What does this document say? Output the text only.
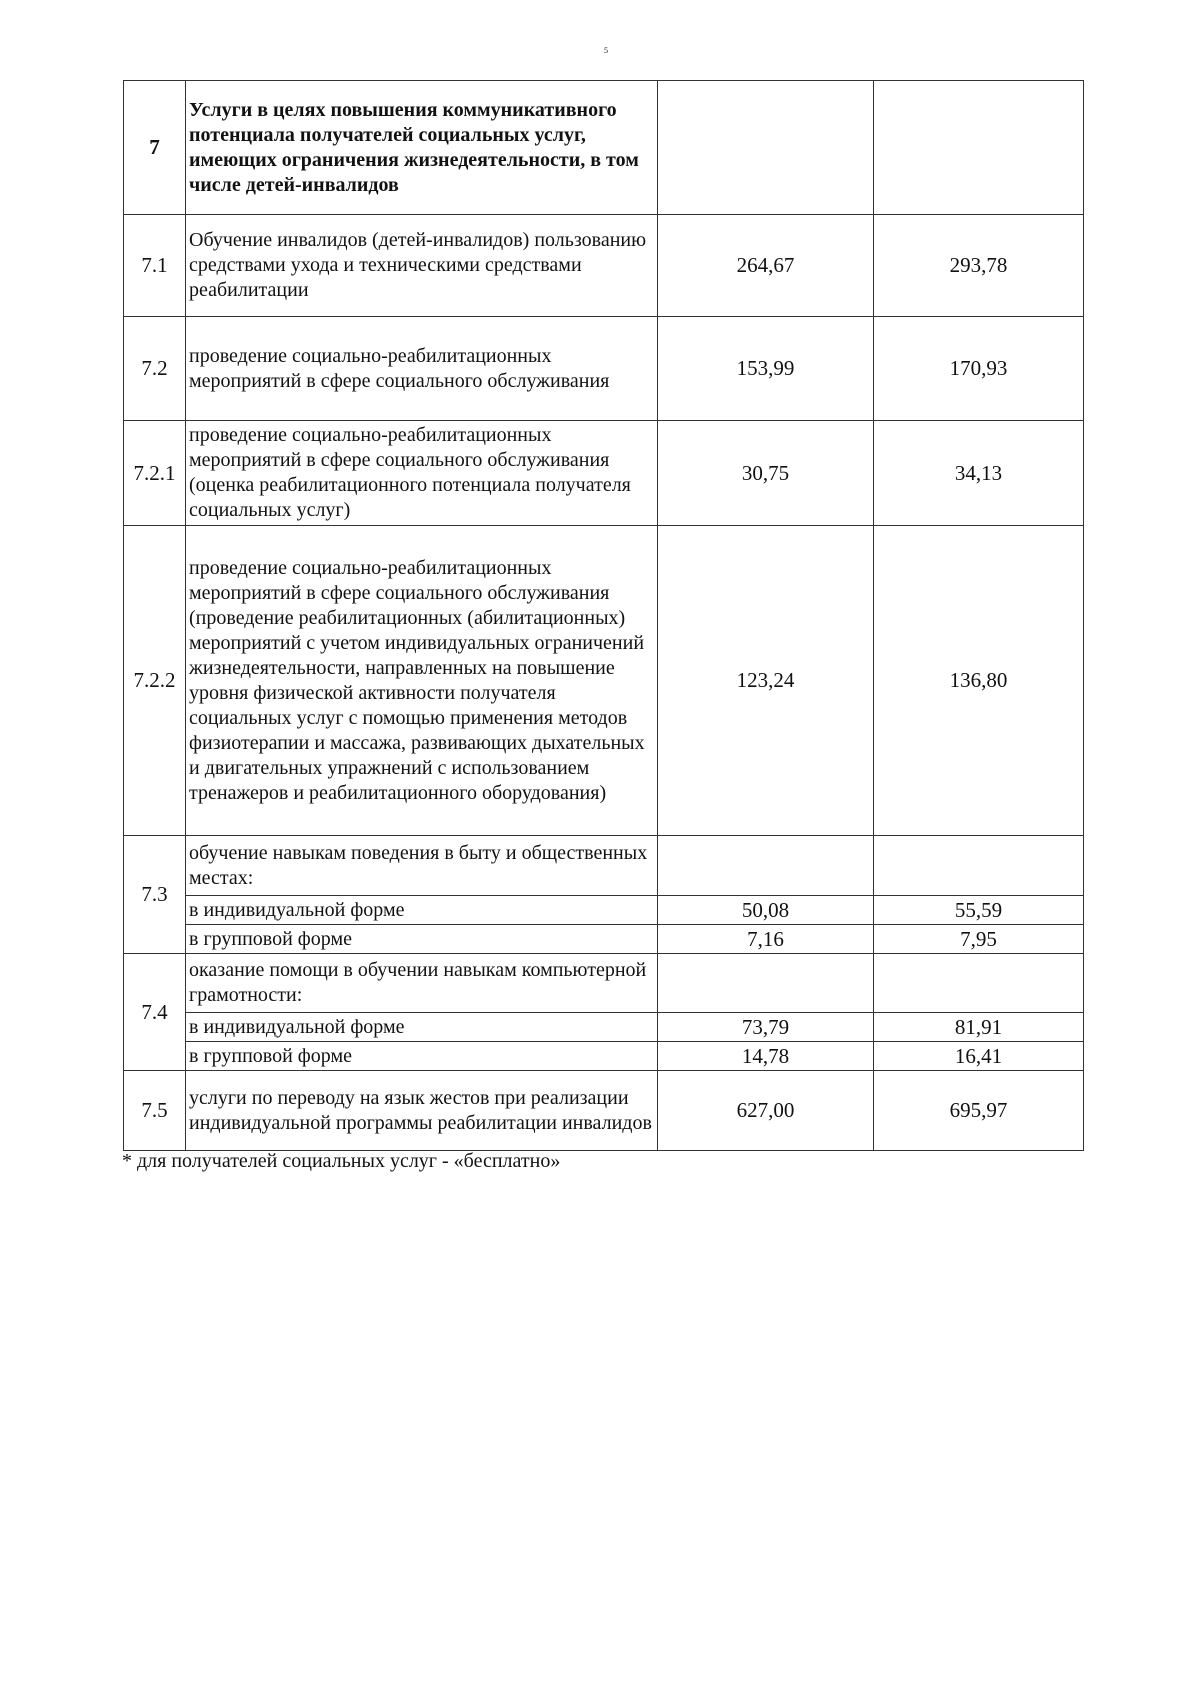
5
7	Услуги в целях повышения коммуникативного потенциала получателей социальных услуг, имеющих ограничения жизнедеятельности, в том числе детей-инвалидов		
7.1	Обучение инвалидов (детей-инвалидов) пользованию средствами ухода и техническими средствами реабилитации	264,67	293,78
7.2	проведение социально-реабилитационных мероприятий в сфере социального обслуживания	153,99	170,93
7.2.1	проведение социально-реабилитационных мероприятий в сфере социального обслуживания (оценка реабилитационного потенциала получателя социальных услуг)	30,75	34,13
7.2.2	проведение социально-реабилитационных мероприятий в сфере социального обслуживания (проведение реабилитационных (абилитационных) мероприятий с учетом индивидуальных ограничений жизнедеятельности, направленных на повышение уровня физической активности получателя социальных услуг с помощью применения методов физиотерапии и массажа, развивающих дыхательных и двигательных упражнений с использованием тренажеров и реабилитационного оборудования)	123,24	136,80
7.3	обучение навыкам поведения в быту и общественных местах:		
	в индивидуальной форме	50,08	55,59
	в групповой форме	7,16	7,95
7.4	оказание помощи в обучении навыкам компьютерной грамотности:		
	в индивидуальной форме	73,79	81,91
	в групповой форме	14,78	16,41
7.5	услуги по переводу на язык жестов при реализации индивидуальной программы реабилитации инвалидов	627,00	695,97
* для получателей социальных услуг - «бесплатно»
